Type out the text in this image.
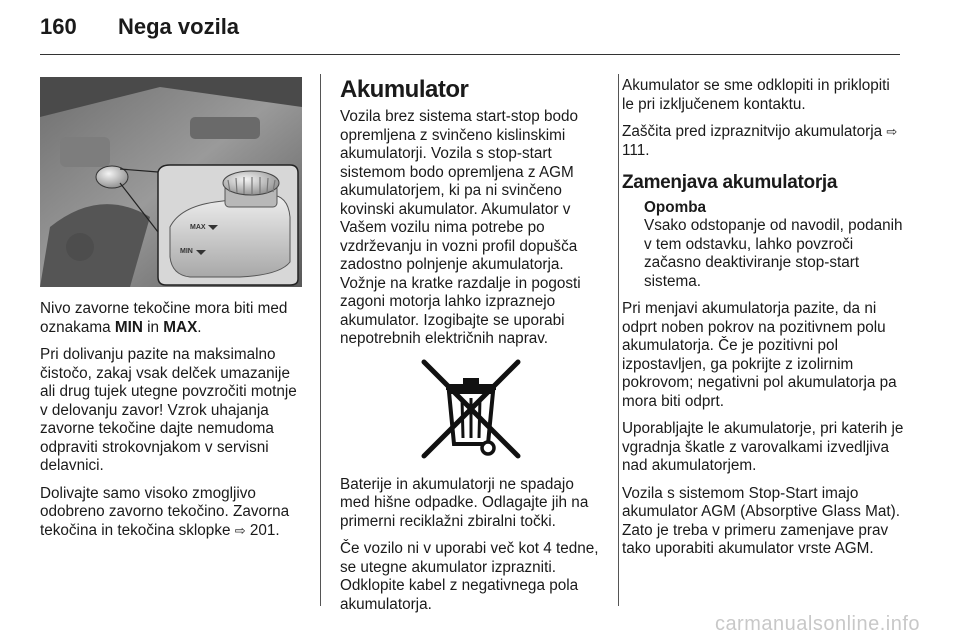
160 Nega vozila
MAX
MIN

Nivo zavorne tekočine mora biti med oznakama MIN in MAX.

Pri dolivanju pazite na maksimalno čistočo, zakaj vsak delček umazanije ali drug tujek utegne povzročiti motnje v delovanju zavor! Vzrok uhajanja zavorne tekočine dajte nemudoma odpraviti strokovnjakom v servisni delavnici.

Dolivajte samo visoko zmogljivo odobreno zavorno tekočino. Zavorna tekočina in tekočina sklopke ⇨ 201.

Akumulator

Vozila brez sistema start-stop bodo opremljena z svinčeno kislinskimi akumulatorji. Vozila s stop-start sistemom bodo opremljena z AGM akumulatorjem, ki pa ni svinčeno kovinski akumulator. Akumulator v Vašem vozilu nima potrebe po vzdrževanju in vozni profil dopušča zadostno polnjenje akumulatorja. Vožnje na kratke razdalje in pogosti zagoni motorja lahko izpraznejo akumulator. Izogibajte se uporabi nepotrebnih električnih naprav.

Baterije in akumulatorji ne spadajo med hišne odpadke. Odlagajte jih na primerni reciklažni zbiralni točki.

Če vozilo ni v uporabi več kot 4 tedne, se utegne akumulator izprazniti. Odklopite kabel z negativnega pola akumulatorja.

Akumulator se sme odklopiti in priklopiti le pri izključenem kontaktu.

Zaščita pred izpraznitvijo akumulatorja ⇨ 111.

Zamenjava akumulatorja
Opomba
Vsako odstopanje od navodil, podanih v tem odstavku, lahko povzroči začasno deaktiviranje stop-start sistema.

Pri menjavi akumulatorja pazite, da ni odprt noben pokrov na pozitivnem polu akumulatorja. Če je pozitivni pol izpostavljen, ga pokrijte z izolirnim pokrovom; negativni pol akumulatorja pa mora biti odprt.

Uporabljajte le akumulatorje, pri katerih je vgradnja škatle z varovalkami izvedljiva nad akumulatorjem.

Vozila s sistemom Stop-Start imajo akumulator AGM (Absorptive Glass Mat). Zato je treba v primeru zamenjave prav tako uporabiti akumulator vrste AGM.

carmanualsonline.info
